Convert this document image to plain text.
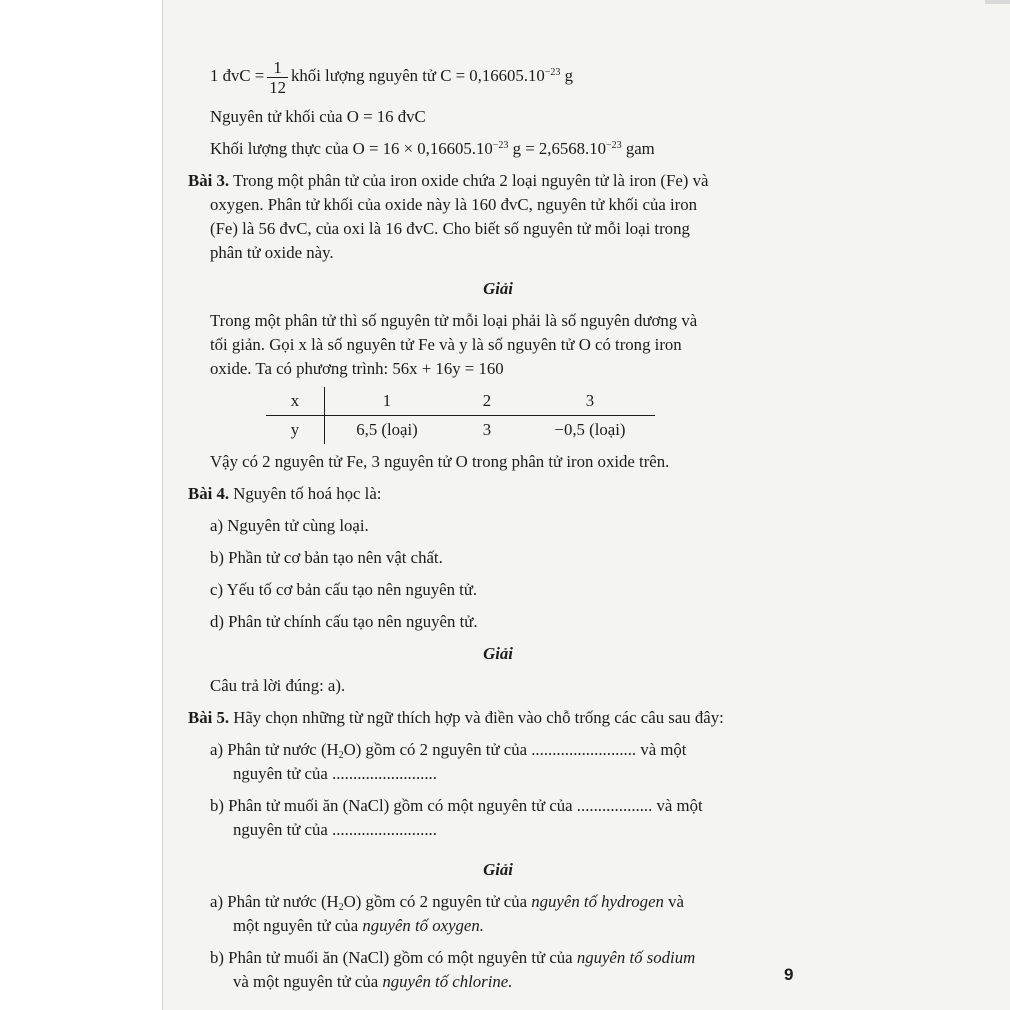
1 đvC = $\frac{1}{12}$ khối lượng nguyên tử $C = 0,16605.10^{-23}$ g

Nguyên tử khối của O = 16 đvC

Khối lượng thực của $O = 16 \times 0,16605.10^{-23}$ $g = 2,6568.10^{-23}$ gam

Bài 3. Trong một phân tử của iron oxide chứa 2 loại nguyên tử là iron (Fe) và

oxygen. Phân tử khối của oxide này là 160 đvC, nguyên tử khối của iron

(Fe) là 56 đvC, của oxi là 16 đvC. Cho biết số nguyên tử mỗi loại trong

phân tử oxide này.

Giải

Trong một phân tử thì số nguyên tử mỗi loại phải là số nguyên dương và

tối giản. Gọi x là số nguyên tử Fe và y là số nguyên tử O có trong iron

oxide. Ta có phương trình: 56x + 16y = 160

x	1	2	3
y	6,5 (loại)	3	−0,5 (loại)

Vậy có 2 nguyên tử Fe, 3 nguyên tử O trong phân tử iron oxide trên.

Bài 4. Nguyên tố hoá học là:

a) Nguyên tử cùng loại.

b) Phần tử cơ bản tạo nên vật chất.

c) Yếu tố cơ bản cấu tạo nên nguyên tử.

d) Phân tử chính cấu tạo nên nguyên tử.

Giải

Câu trả lời đúng: a).

Bài 5. Hãy chọn những từ ngữ thích hợp và điền vào chỗ trống các câu sau đây:

a) Phân tử nước $(H_2O)$ gồm có 2 nguyên tử của ......................... và một
nguyên tử của .........................

b) Phân tử muối ăn (NaCl) gồm có một nguyên tử của .................. và một
nguyên tử của .........................

Giải

a) Phân tử nước $(H_2O)$ gồm có 2 nguyên tử của nguyên tố hydrogen và
một nguyên tử của nguyên tố oxygen.

b) Phân tử muối ăn (NaCl) gồm có một nguyên tử của nguyên tố sodium
và một nguyên tử của nguyên tố chlorine.	9
